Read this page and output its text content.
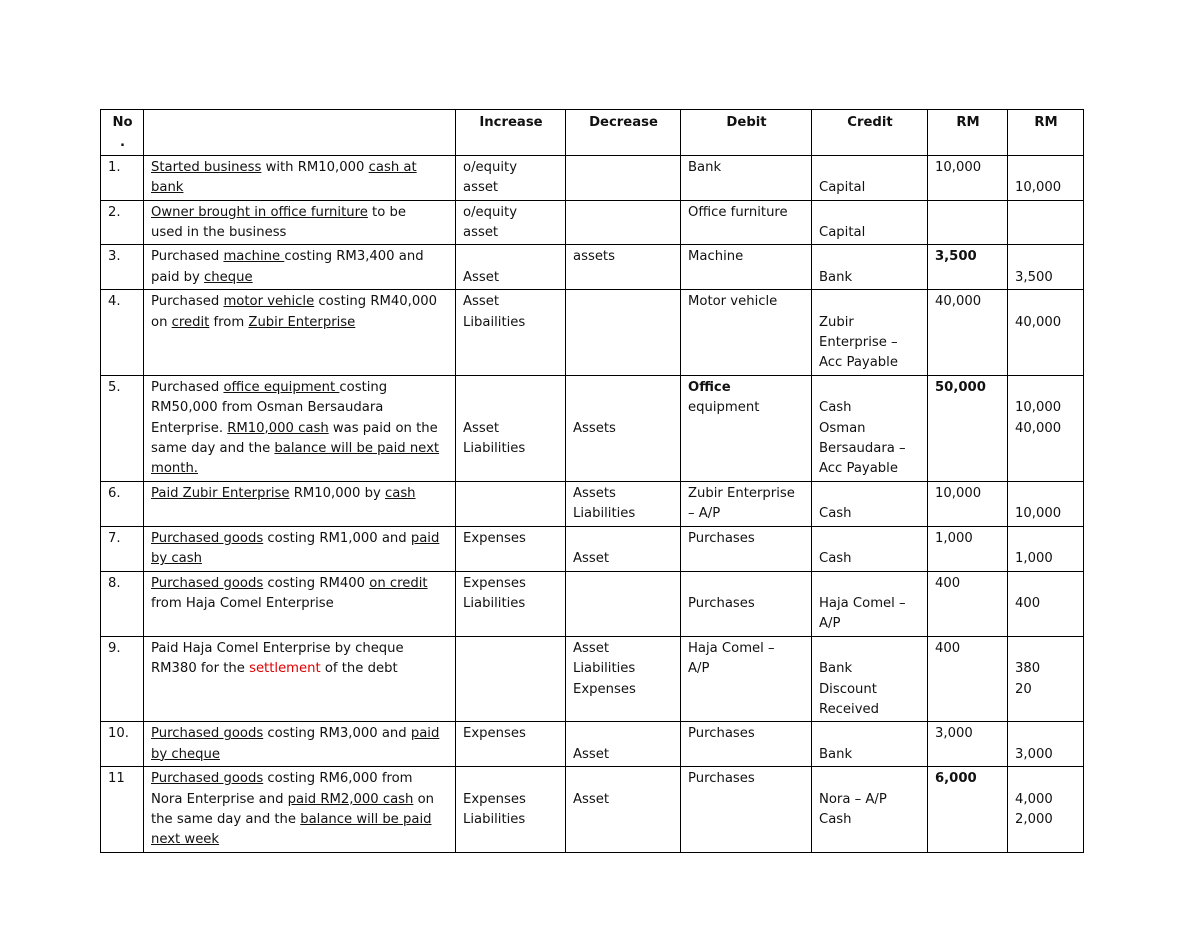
No
.		Increase	Decrease	Debit	Credit	RM	RM
1.	Started business with RM10,000 cash at
bank	o/equity
asset		Bank	Capital	10,000	10,000

2.	Owner brought in office furniture to be
used in the business	o/equity
asset		Office furniture	Capital		

3.	Purchased machine costing RM3,400 and
paid by cheque	Asset	assets	Machine	Bank	3,500	3,500

4.	Purchased motor vehicle costing RM40,000
on credit from Zubir Enterprise	Asset
Libailities		Motor vehicle	Zubir
Enterprise –
Acc Payable	40,000	40,000

5.	Purchased office equipment costing
RM50,000 from Osman Bersaudara
Enterprise. RM10,000 cash was paid on the
same day and the balance will be paid next
month.	Asset
Liabilities	Assets	Office
equipment	Cash
Osman
Bersaudara –
Acc Payable	50,000	10,000
40,000

6.	Paid Zubir Enterprise RM10,000 by cash		Assets
Liabilities	Zubir Enterprise
– A/P	Cash	10,000	10,000

7.	Purchased goods costing RM1,000 and paid
by cash	Expenses	Asset	Purchases	Cash	1,000	1,000

8.	Purchased goods costing RM400 on credit
from Haja Comel Enterprise	Expenses
Liabilities		Purchases	Haja Comel –
A/P	400	400

9.	Paid Haja Comel Enterprise by cheque
RM380 for the settlement of the debt		Asset
Liabilities
Expenses	Haja Comel –
A/P	Bank
Discount
Received	400	380
20

10.	Purchased goods costing RM3,000 and paid
by cheque	Expenses	Asset	Purchases	Bank	3,000	3,000

11	Purchased goods costing RM6,000 from
Nora Enterprise and paid RM2,000 cash on
the same day and the balance will be paid
next week	Expenses
Liabilities	Asset	Purchases	Nora – A/P
Cash	6,000	4,000
2,000
